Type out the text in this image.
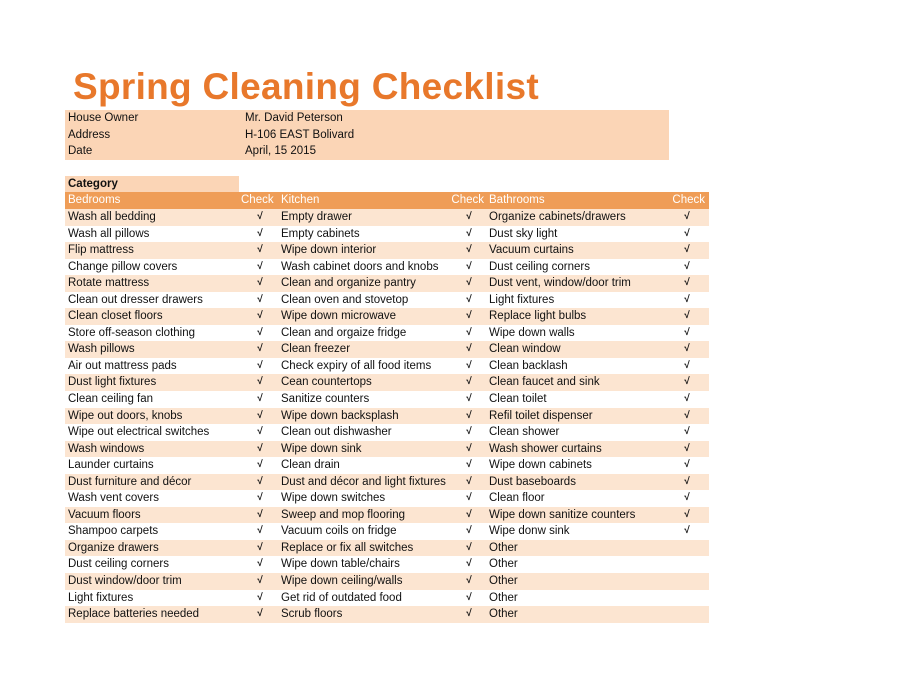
Spring Cleaning Checklist
House Owner	Mr. David Peterson
Address	H-106 EAST Bolivard
Date	April, 15 2015
Category
Bedrooms	Check Kitchen	Check Bathrooms	Check
Wash all bedding	√	Empty drawer	√	Organize cabinets/drawers	√
Wash all pillows	√	Empty cabinets	√	Dust sky light	√
Flip mattress	√	Wipe down interior	√	Vacuum curtains	√
Change pillow covers	√	Wash cabinet doors and knobs	√	Dust ceiling corners	√
Rotate mattress	√	Clean and organize pantry	√	Dust vent, window/door trim	√
Clean out dresser drawers	√	Clean oven and stovetop	√	Light fixtures	√
Clean closet floors	√	Wipe down microwave	√	Replace light bulbs	√
Store off-season clothing	√	Clean and orgaize fridge	√	Wipe down walls	√
Wash pillows	√	Clean freezer	√	Clean window	√
Air out mattress pads	√	Check expiry of all food items	√	Clean backlash	√
Dust light fixtures	√	Cean countertops	√	Clean faucet and sink	√
Clean ceiling fan	√	Sanitize counters	√	Clean toilet	√
Wipe out doors, knobs	√	Wipe down backsplash	√	Refil toilet dispenser	√
Wipe out electrical switches	√	Clean out dishwasher	√	Clean shower	√
Wash windows	√	Wipe down sink	√	Wash shower curtains	√
Launder curtains	√	Clean drain	√	Wipe down cabinets	√
Dust furniture and décor	√	Dust and décor and light fixtures	√	Dust baseboards	√
Wash vent covers	√	Wipe down switches	√	Clean floor	√
Vacuum floors	√	Sweep and mop flooring	√	Wipe down sanitize counters	√
Shampoo carpets	√	Vacuum coils on fridge	√	Wipe donw sink	√
Organize drawers	√	Replace or fix all switches	√	Other
Dust ceiling corners	√	Wipe down table/chairs	√	Other
Dust window/door trim	√	Wipe down ceiling/walls	√	Other
Light fixtures	√	Get rid of outdated food	√	Other
Replace batteries needed	√	Scrub floors	√	Other
